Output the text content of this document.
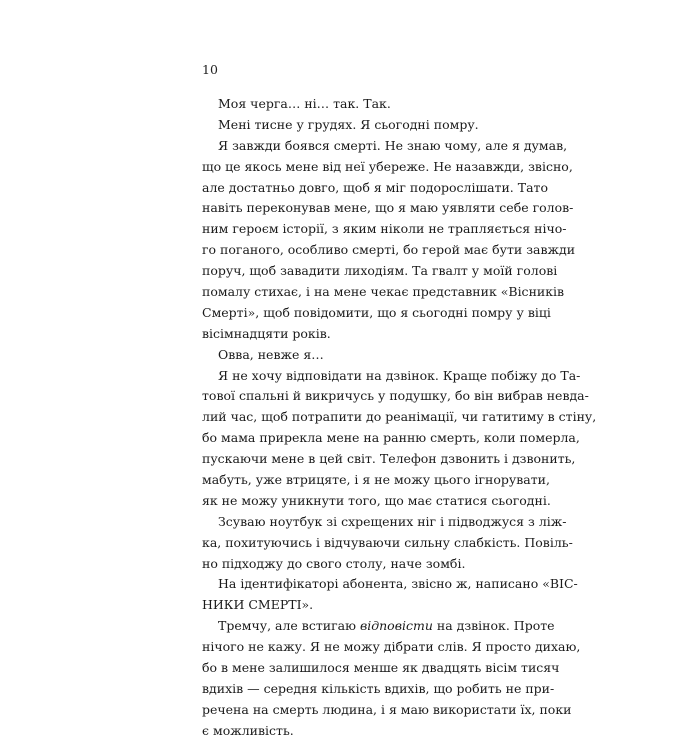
10
Моя черга… ні… так. Так.
Мені тисне у грудях. Я сьогодні помру.
Я завжди боявся смерті. Не знаю чому, але я думав,
що це якось мене від неї убереже. Не назавжди, звісно,
але достатньо довго, щоб я міг подорослішати. Тато
навіть переконував мене, що я маю уявляти себе голов-
ним героєм історії, з яким ніколи не трапляється нічо-
го поганого, особливо смерті, бо герой має бути завжди
поруч, щоб завадити лиходіям. Та гвалт у моїй голові
помалу стихає, і на мене чекає представник «Вісників
Смерті», щоб повідомити, що я сьогодні помру у віці
вісімнадцяти років.
Овва, невже я…
Я не хочу відповідати на дзвінок. Краще побіжу до Та-
тової спальні й викричусь у подушку, бо він вибрав невда-
лий час, щоб потрапити до реанімації, чи гатитиму в стіну,
бо мама прирекла мене на ранню смерть, коли померла,
пускаючи мене в цей світ. Телефон дзвонить і дзвонить,
мабуть, уже втрицяте, і я не можу цього ігнорувати,
як не можу уникнути того, що має статися сьогодні.
Зсуваю ноутбук зі схрещених ніг і підводжуся з ліж-
ка, похитуючись і відчуваючи сильну слабкість. Повіль-
но підходжу до свого столу, наче зомбі.
На ідентифікаторі абонента, звісно ж, написано «ВІС-
НИКИ СМЕРТІ».
Тремчу, але встигаю відповісти на дзвінок. Проте
нічого не кажу. Я не можу дібрати слів. Я просто дихаю,
бо в мене залишилося менше як двадцять вісім тисяч
вдихів — середня кількість вдихів, що робить не при-
речена на смерть людина, і я маю використати їх, поки
є можливість.
